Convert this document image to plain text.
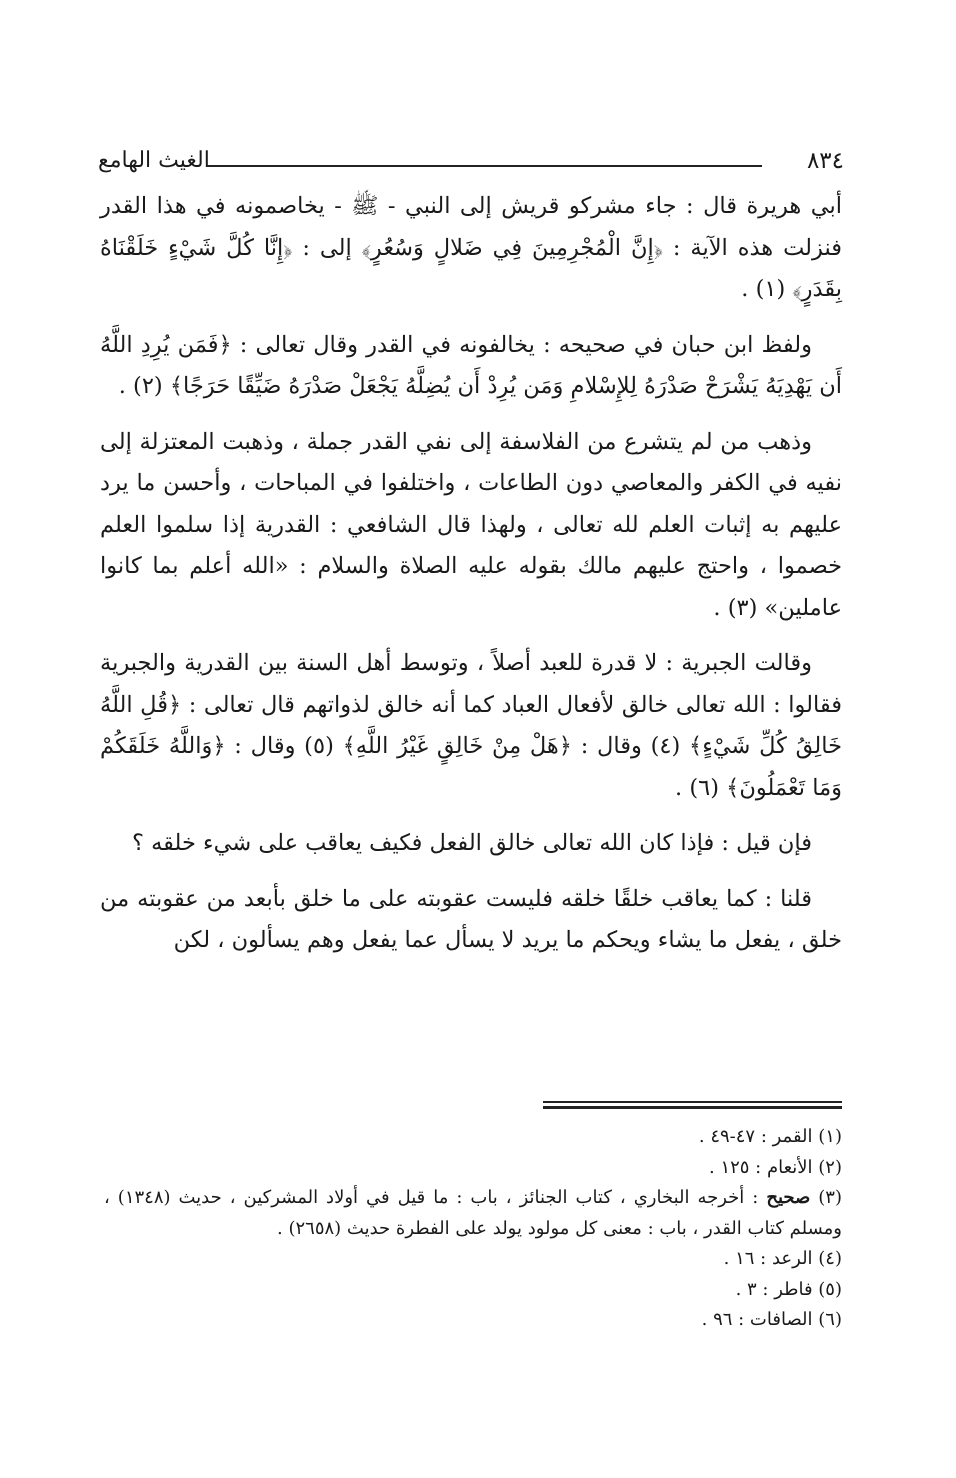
٨٣٤
الغيث الهامع

أبي هريرة قال : جاء مشركو قريش إلى النبي - ﷺ - يخاصمونه في هذا القدر فنزلت هذه الآية : ﴿إِنَّ الْمُجْرِمِينَ فِي ضَلالٍ وَسُعُرٍ﴾ إلى : ﴿إِنَّا كُلَّ شَيْءٍ خَلَقْنَاهُ بِقَدَرٍ﴾ (١) .

ولفظ ابن حبان في صحيحه : يخالفونه في القدر وقال تعالى : ﴿فَمَن يُرِدِ اللَّهُ أَن يَهْدِيَهُ يَشْرَحْ صَدْرَهُ لِلإِسْلامِ وَمَن يُرِدْ أَن يُضِلَّهُ يَجْعَلْ صَدْرَهُ ضَيِّقًا حَرَجًا﴾ (٢) .

وذهب من لم يتشرع من الفلاسفة إلى نفي القدر جملة ، وذهبت المعتزلة إلى نفيه في الكفر والمعاصي دون الطاعات ، واختلفوا في المباحات ، وأحسن ما يرد عليهم به إثبات العلم لله تعالى ، ولهذا قال الشافعي : القدرية إذا سلموا العلم خصموا ، واحتج عليهم مالك بقوله عليه الصلاة والسلام : «الله أعلم بما كانوا عاملين» (٣) .

وقالت الجبرية : لا قدرة للعبد أصلاً ، وتوسط أهل السنة بين القدرية والجبرية فقالوا : الله تعالى خالق لأفعال العباد كما أنه خالق لذواتهم قال تعالى : ﴿قُلِ اللَّهُ خَالِقُ كُلِّ شَيْءٍ﴾ (٤) وقال : ﴿هَلْ مِنْ خَالِقٍ غَيْرُ اللَّهِ﴾ (٥) وقال : ﴿وَاللَّهُ خَلَقَكُمْ وَمَا تَعْمَلُونَ﴾ (٦) .

فإن قيل : فإذا كان الله تعالى خالق الفعل فكيف يعاقب على شيء خلقه ؟

قلنا : كما يعاقب خلقًا خلقه فليست عقوبته على ما خلق بأبعد من عقوبته من خلق ، يفعل ما يشاء ويحكم ما يريد لا يسأل عما يفعل وهم يسألون ، لكن

(١) القمر : ٤٧-٤٩ .

(٢) الأنعام : ١٢٥ .

(٣) صحيح : أخرجه البخاري ، كتاب الجنائز ، باب : ما قيل في أولاد المشركين ، حديث (١٣٤٨) ، ومسلم كتاب القدر ، باب : معنى كل مولود يولد على الفطرة حديث (٢٦٥٨) .

(٤) الرعد : ١٦ .

(٥) فاطر : ٣ .

(٦) الصافات : ٩٦ .
